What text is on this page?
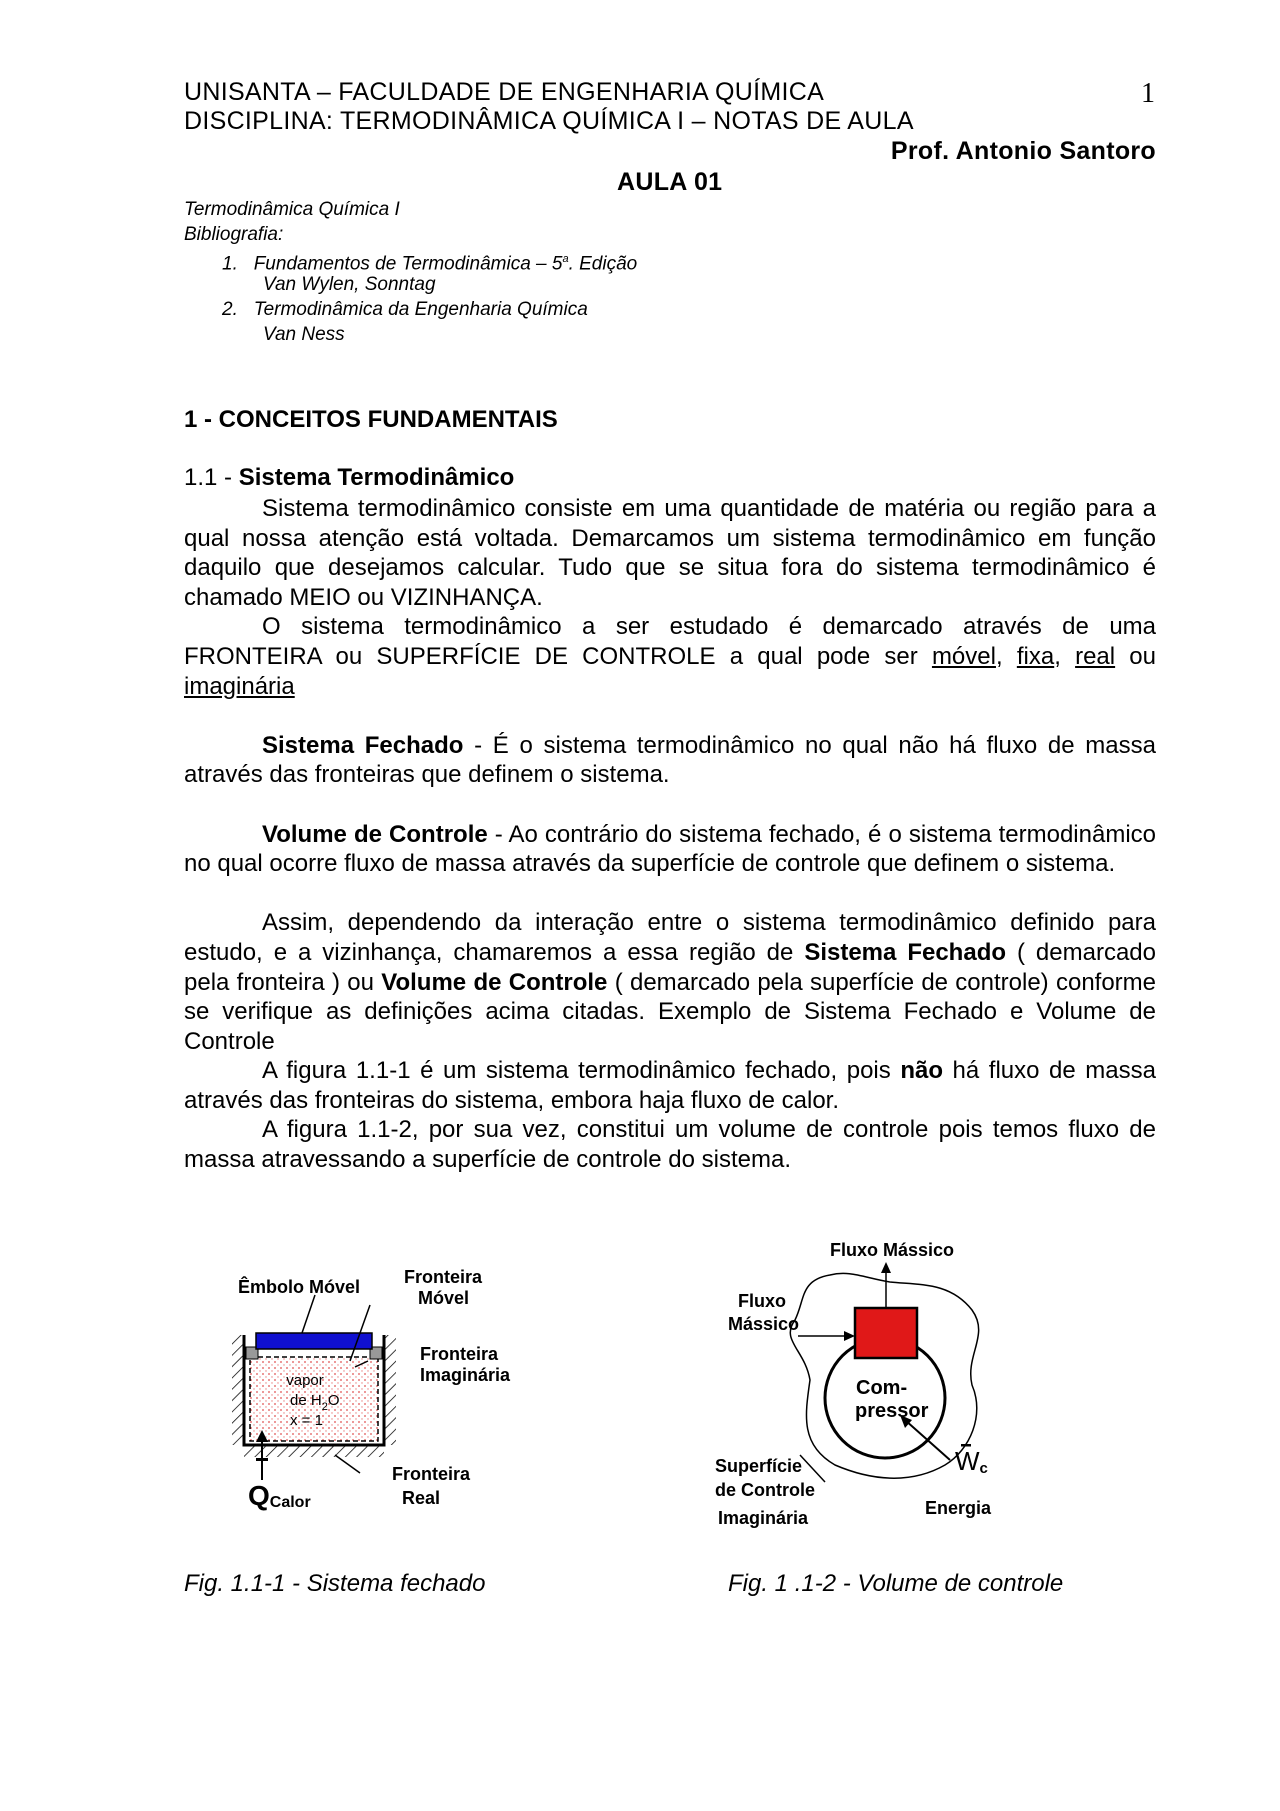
UNISANTA – FACULDADE DE ENGENHARIA QUÍMICA
DISCIPLINA: TERMODINÂMICA QUÍMICA I – NOTAS DE AULA
1
Prof. Antonio Santoro
AULA 01
Termodinâmica Química I
Bibliografia:
1. Fundamentos de Termodinâmica – 5$^a$. Edição
Van Wylen, Sonntag
2. Termodinâmica da Engenharia Química
Van Ness
1 - CONCEITOS FUNDAMENTAIS
1.1 - Sistema Termodinâmico

Sistema termodinâmico consiste em uma quantidade de matéria ou região para a qual nossa atenção está voltada. Demarcamos um sistema termodinâmico em função daquilo que desejamos calcular. Tudo que se situa fora do sistema termodinâmico é chamado MEIO ou VIZINHANÇA.

O sistema termodinâmico a ser estudado é demarcado através de uma FRONTEIRA ou SUPERFÍCIE DE CONTROLE a qual pode ser móvel, fixa, real ou imaginária

Sistema Fechado - É o sistema termodinâmico no qual não há fluxo de massa através das fronteiras que definem o sistema.

Volume de Controle - Ao contrário do sistema fechado, é o sistema termodinâmico no qual ocorre fluxo de massa através da superfície de controle que definem o sistema.

Assim, dependendo da interação entre o sistema termodinâmico definido para estudo, e a vizinhança, chamaremos a essa região de Sistema Fechado ( demarcado pela fronteira ) ou Volume de Controle ( demarcado pela superfície de controle) conforme se verifique as definições acima citadas. Exemplo de Sistema Fechado e Volume de Controle

A figura 1.1-1 é um sistema termodinâmico fechado, pois não há fluxo de massa através das fronteiras do sistema, embora haja fluxo de calor.

A figura 1.1-2, por sua vez, constitui um volume de controle pois temos fluxo de massa atravessando a superfície de controle do sistema.

vapor
de $H_2O$
x = 1
Êmbolo Móvel Fronteira
Móvel
Fronteira
Imaginária
Fronteira
Real
QCalor
Fluxo Mássico
Fluxo
Mássico
Com-
pressor
Wc
Superfície
de Controle
Imaginária	Energia
Fig. 1.1-1 - Sistema fechado	Fig. 1 .1-2 - Volume de controle
